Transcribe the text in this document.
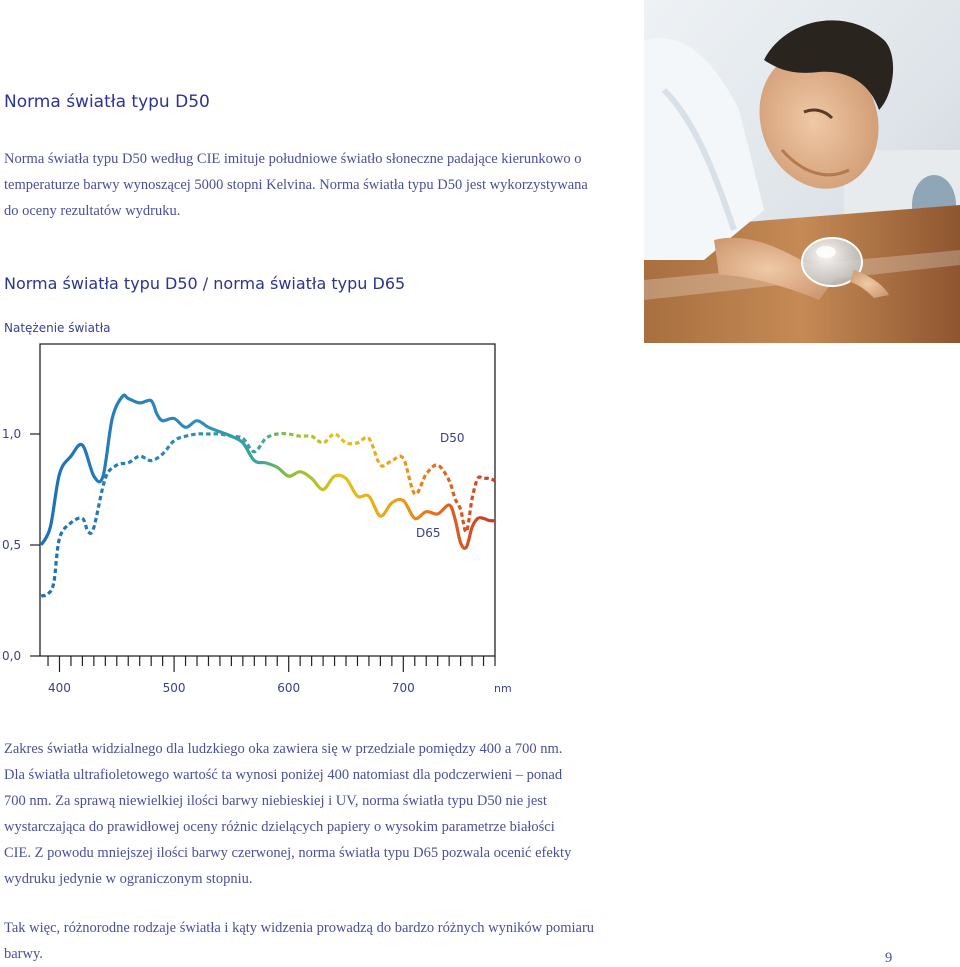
Norma światła typu D50

Norma światła typu D50 według CIE imituje południowe światło słoneczne padające kierunkowo o temperaturze barwy wynoszącej 5000 stopni Kelvina. Norma światła typu D50 jest wykorzystywana do oceny rezultatów wydruku.

Norma światła typu D50 / norma światła typu D65
Natężenie światła
1,0
0,5
0,0
400	500	600	700
D50
D65
nm

Zakres światła widzialnego dla ludzkiego oka zawiera się w przedziale pomiędzy 400 a 700 nm. Dla światła ultrafioletowego wartość ta wynosi poniżej 400 natomiast dla podczerwieni – ponad 700 nm. Za sprawą niewielkiej ilości barwy niebieskiej i UV, norma światła typu D50 nie jest wystarczająca do prawidłowej oceny różnic dzielących papiery o wysokim parametrze białości CIE. Z powodu mniejszej ilości barwy czerwonej, norma światła typu D65 pozwala ocenić efekty wydruku jedynie w ograniczonym stopniu.

Tak więc, różnorodne rodzaje światła i kąty widzenia prowadzą do bardzo różnych wyników pomiaru barwy.	9
